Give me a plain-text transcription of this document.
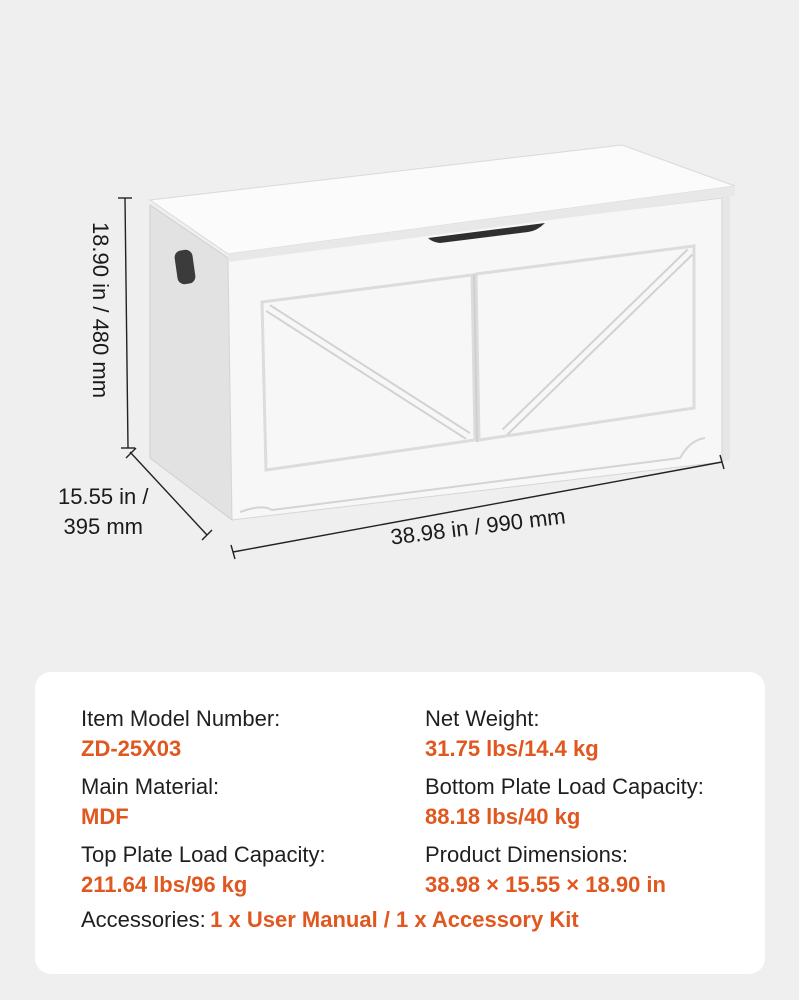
18.90 in / 480 mm
15.55 in /
395 mm	38.98 in / 990 mm
Item Model Number:
ZD-25X03
Net Weight:
31.75 lbs/14.4 kg
Main Material:
MDF
Bottom Plate Load Capacity:
88.18 lbs/40 kg
Top Plate Load Capacity:
211.64 lbs/96 kg
Product Dimensions:
38.98 × 15.55 × 18.90 in
Accessories: 1 x User Manual / 1 x Accessory Kit
